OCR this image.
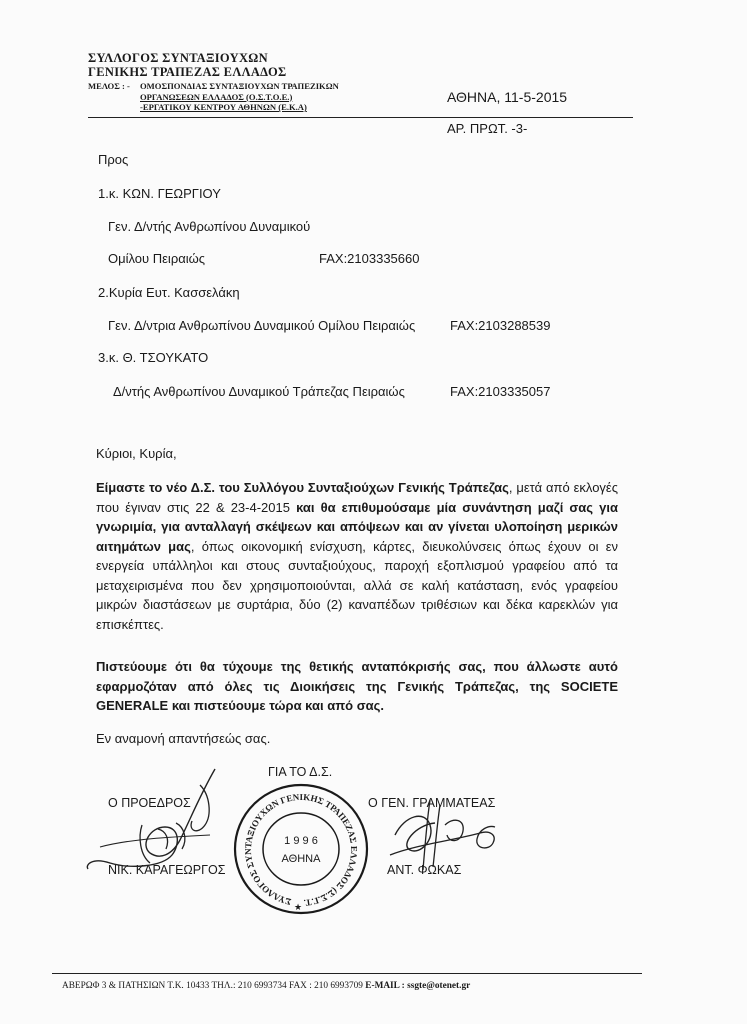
ΣΥΛΛΟΓΟΣ ΣΥΝΤΑΞΙΟΥΧΩΝ
ΓΕΝΙΚΗΣ ΤΡΑΠΕΖΑΣ ΕΛΛΑΔΟΣ
ΜΕΛΟΣ : - ΟΜΟΣΠΟΝΔΙΑΣ ΣΥΝΤΑΞΙΟΥΧΩΝ ΤΡΑΠΕΖΙΚΩΝ
ΟΡΓΑΝΩΣΕΩΝ ΕΛΛΑΔΟΣ (Ο.Σ.Τ.Ο.Ε.)
-ΕΡΓΑΤΙΚΟΥ ΚΕΝΤΡΟΥ ΑΘΗΝΩΝ (Ε.Κ.Α)
ΑΘΗΝΑ, 11-5-2015
ΑΡ. ΠΡΩΤ. -3-
Προς
1.κ. ΚΩΝ. ΓΕΩΡΓΙΟΥ
Γεν. Δ/ντής Ανθρωπίνου Δυναμικού
Ομίλου Πειραιώς	FAX:2103335660
2.Κυρία Ευτ. Κασσελάκη
Γεν. Δ/ντρια Ανθρωπίνου Δυναμικού Ομίλου Πειραιώς	FAX:2103288539
3.κ. Θ. ΤΣΟΥΚΑΤΟ
Δ/ντής Ανθρωπίνου Δυναμικού Τράπεζας Πειραιώς	FAX:2103335057
Κύριοι, Κυρία,
Είμαστε το νέο Δ.Σ. του Συλλόγου Συνταξιούχων Γενικής Τράπεζας, μετά από εκλογές που έγιναν στις 22 & 23-4-2015 και θα επιθυμούσαμε μία συνάντηση μαζί σας για γνωριμία, για ανταλλαγή σκέψεων και απόψεων και αν γίνεται υλοποίηση μερικών αιτημάτων μας, όπως οικονομική ενίσχυση, κάρτες, διευκολύνσεις όπως έχουν οι εν ενεργεία υπάλληλοι και στους συνταξιούχους, παροχή εξοπλισμού γραφείου από τα μεταχειρισμένα που δεν χρησιμοποιούνται, αλλά σε καλή κατάσταση, ενός γραφείου μικρών διαστάσεων με συρτάρια, δύο (2) καναπέδων τριθέσιων και δέκα καρεκλών για επισκέπτες.
Πιστεύουμε ότι θα τύχουμε της θετικής ανταπόκρισής σας, που άλλωστε αυτό εφαρμοζόταν από όλες τις Διοικήσεις της Γενικής Τράπεζας, της SOCIETE GENERALE και πιστεύουμε τώρα και από σας.
Εν αναμονή απαντήσεώς σας.
ΓΙΑ ΤΟ Δ.Σ.
Ο ΠΡΟΕΔΡΟΣ	Ο ΓΕΝ. ΓΡΑΜΜΑΤΕΑΣ
ΝΙΚ. ΚΑΡΑΓΕΩΡΓΟΣ	ΑΝΤ. ΦΩΚΑΣ
ΣΥΛΛΟΓΟΣ ΣΥΝΤΑΞΙΟΥΧΩΝ ΓΕΝΙΚΗΣ ΤΡΑΠΕΖΑΣ ΕΛΛΑΔΟΣ (Σ.Σ.Γ.Τ.Ε.)
1 9 9 6
ΑΘΗΝΑ
★
ΑΒΕΡΩΦ 3 & ΠΑΤΗΣΙΩΝ Τ.Κ. 10433 ΤΗΛ.: 210 6993734 FAX : 210 6993709 E-MAIL : ssgte@otenet.gr
